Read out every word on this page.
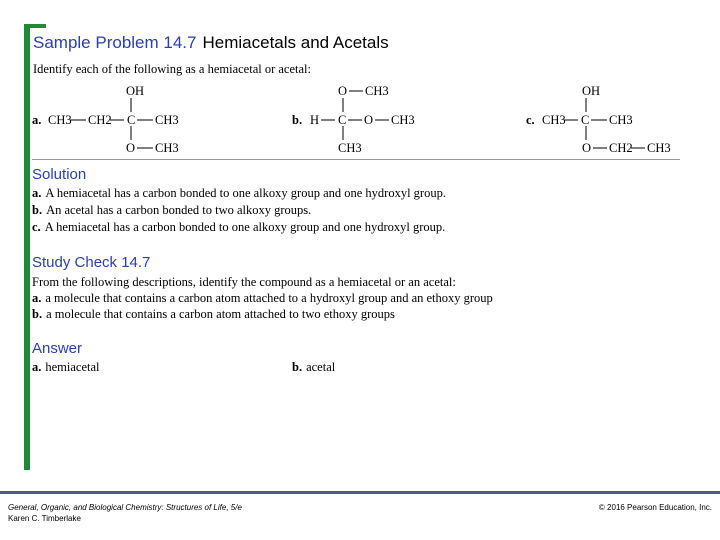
Sample Problem 14.7 Hemiacetals and Acetals
Identify each of the following as a hemiacetal or acetal:
a. CH3 CH2 C CH3
OH
O CH3
b. H C O CH3
O CH3
CH3
c. CH3 C CH3
OH
O CH2 CH3
Solution
a. A hemiacetal has a carbon bonded to one alkoxy group and one hydroxyl group.
b. An acetal has a carbon bonded to two alkoxy groups.
c. A hemiacetal has a carbon bonded to one alkoxy group and one hydroxyl group.
Study Check 14.7
From the following descriptions, identify the compound as a hemiacetal or an acetal:
a. a molecule that contains a carbon atom attached to a hydroxyl group and an ethoxy group
b. a molecule that contains a carbon atom attached to two ethoxy groups
Answer
a. hemiacetal	b. acetal
General, Organic, and Biological Chemistry: Structures of Life, 5/e
Karen C. Timberlake
© 2016 Pearson Education, Inc.
